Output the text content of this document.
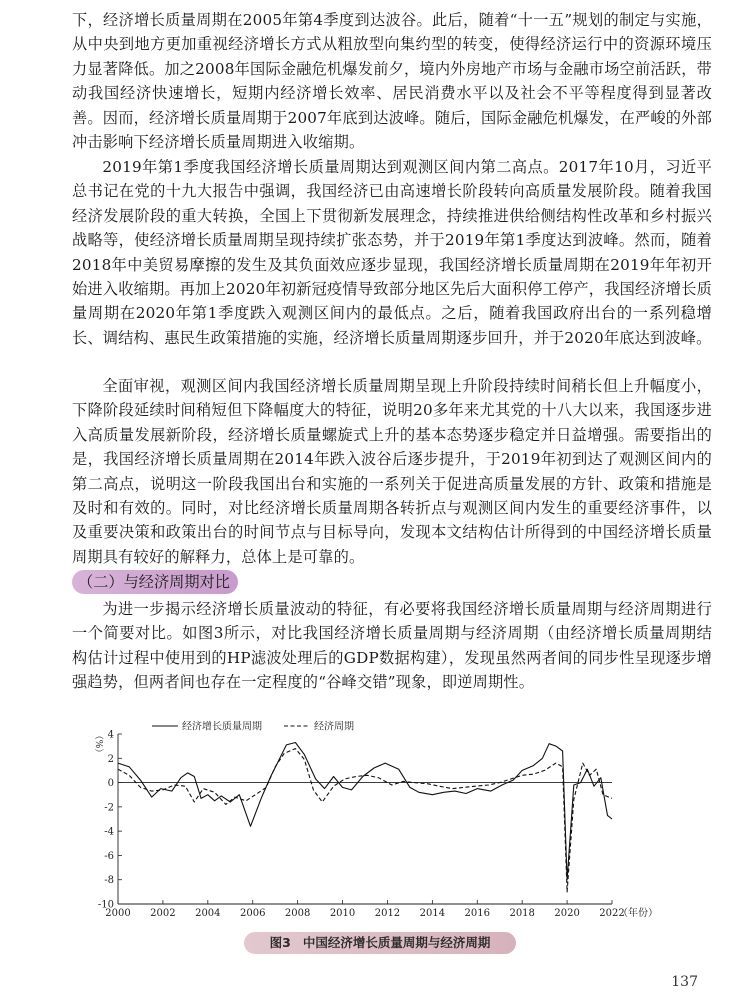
下，经济增长质量周期在2005年第4季度到达波谷。此后，随着“十一五”规划的制定与实施，从中央到地方更加重视经济增长方式从粗放型向集约型的转变，使得经济运行中的资源环境压力显著降低。加之2008年国际金融危机爆发前夕，境内外房地产市场与金融市场空前活跃，带动我国经济快速增长，短期内经济增长效率、居民消费水平以及社会不平等程度得到显著改善。因而，经济增长质量周期于2007年底到达波峰。随后，国际金融危机爆发，在严峻的外部冲击影响下经济增长质量周期进入收缩期。

2019年第1季度我国经济增长质量周期达到观测区间内第二高点。2017年10月，习近平总书记在党的十九大报告中强调，我国经济已由高速增长阶段转向高质量发展阶段。随着我国经济发展阶段的重大转换，全国上下贯彻新发展理念，持续推进供给侧结构性改革和乡村振兴战略等，使经济增长质量周期呈现持续扩张态势，并于2019年第1季度达到波峰。然而，随着2018年中美贸易摩擦的发生及其负面效应逐步显现，我国经济增长质量周期在2019年年初开始进入收缩期。再加上2020年初新冠疫情导致部分地区先后大面积停工停产，我国经济增长质量周期在2020年第1季度跌入观测区间内的最低点。之后，随着我国政府出台的一系列稳增长、调结构、惠民生政策措施的实施，经济增长质量周期逐步回升，并于2020年底达到波峰。

全面审视，观测区间内我国经济增长质量周期呈现上升阶段持续时间稍长但上升幅度小，下降阶段延续时间稍短但下降幅度大的特征，说明20多年来尤其党的十八大以来，我国逐步进入高质量发展新阶段，经济增长质量螺旋式上升的基本态势逐步稳定并日益增强。需要指出的是，我国经济增长质量周期在2014年跌入波谷后逐步提升，于2019年初到达了观测区间内的第二高点，说明这一阶段我国出台和实施的一系列关于促进高质量发展的方针、政策和措施是及时和有效的。同时，对比经济增长质量周期各转折点与观测区间内发生的重要经济事件，以及重要决策和政策出台的时间节点与目标导向，发现本文结构估计所得到的中国经济增长质量周期具有较好的解释力，总体上是可靠的。

（二）与经济周期对比

为进一步揭示经济增长质量波动的特征，有必要将我国经济增长质量周期与经济周期进行一个简要对比。如图3所示，对比我国经济增长质量周期与经济周期（由经济增长质量周期结构估计过程中使用到的HP滤波处理后的GDP数据构建），发现虽然两者间的同步性呈现逐步增强趋势，但两者间也存在一定程度的“谷峰交错”现象，即逆周期性。

4
2
0
-2
-4
-6
-8
-10
2000 2002 2004 2006 2008 2010 2012 2014 2016 2018 2020 2022
（%）
（年份）
经济增长质量周期	经济周期
图3 中国经济增长质量周期与经济周期
137
